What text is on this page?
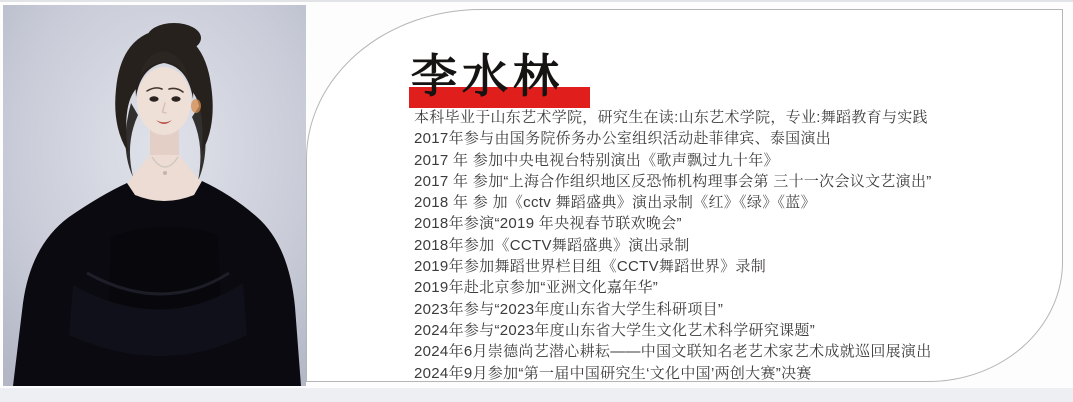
李水林
本科毕业于山东艺术学院，研究生在读:山东艺术学院，专业:舞蹈教育与实践
2017年参与由国务院侨务办公室组织活动赴菲律宾、泰国演出
2017 年 参加中央电视台特别演出《歌声飘过九十年》
2017 年 参加“上海合作组织地区反恐怖机构理事会第 三十一次会议文艺演出”
2018 年 参 加《cctv 舞蹈盛典》演出录制《红》《绿》《蓝》
2018年参演“2019 年央视春节联欢晚会”
2018年参加《CCTV舞蹈盛典》演出录制
2019年参加舞蹈世界栏目组《CCTV舞蹈世界》录制
2019年赴北京参加“亚洲文化嘉年华”
2023年参与“2023年度山东省大学生科研项目”
2024年参与“2023年度山东省大学生文化艺术科学研究课题”
2024年6月崇德尚艺潜心耕耘——中国文联知名老艺术家艺术成就巡回展演出
2024年9月参加“第一届中国研究生‘文化中国’两创大赛”决赛
